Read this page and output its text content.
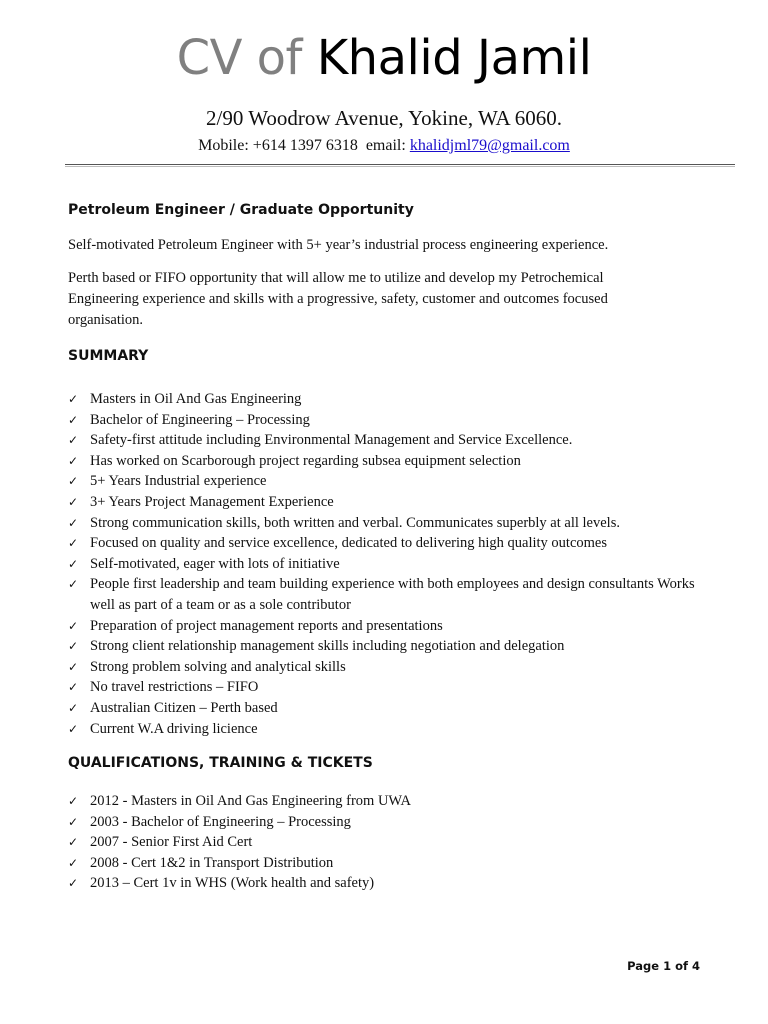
CV of Khalid Jamil
2/90 Woodrow Avenue, Yokine, WA 6060.
Mobile: +614 1397 6318 email: khalidjml79@gmail.com
Petroleum Engineer / Graduate Opportunity
Self-motivated Petroleum Engineer with 5+ year’s industrial process engineering experience.
Perth based or FIFO opportunity that will allow me to utilize and develop my Petrochemical Engineering experience and skills with a progressive, safety, customer and outcomes focused organisation.
SUMMARY
✓ Masters in Oil And Gas Engineering
✓ Bachelor of Engineering – Processing
✓ Safety-first attitude including Environmental Management and Service Excellence.
✓ Has worked on Scarborough project regarding subsea equipment selection
✓ 5+ Years Industrial experience
✓ 3+ Years Project Management Experience
✓ Strong communication skills, both written and verbal. Communicates superbly at all levels.
✓ Focused on quality and service excellence, dedicated to delivering high quality outcomes
✓ Self-motivated, eager with lots of initiative
✓ People first leadership and team building experience with both employees and design consultants Works well as part of a team or as a sole contributor
✓ Preparation of project management reports and presentations
✓ Strong client relationship management skills including negotiation and delegation
✓ Strong problem solving and analytical skills
✓ No travel restrictions – FIFO
✓ Australian Citizen – Perth based
✓ Current W.A driving licience
QUALIFICATIONS, TRAINING & TICKETS
✓ 2012 - Masters in Oil And Gas Engineering from UWA
✓ 2003 - Bachelor of Engineering – Processing
✓ 2007 - Senior First Aid Cert
✓ 2008 - Cert 1&2 in Transport Distribution
✓ 2013 – Cert 1v in WHS (Work health and safety)
Page 1 of 4
